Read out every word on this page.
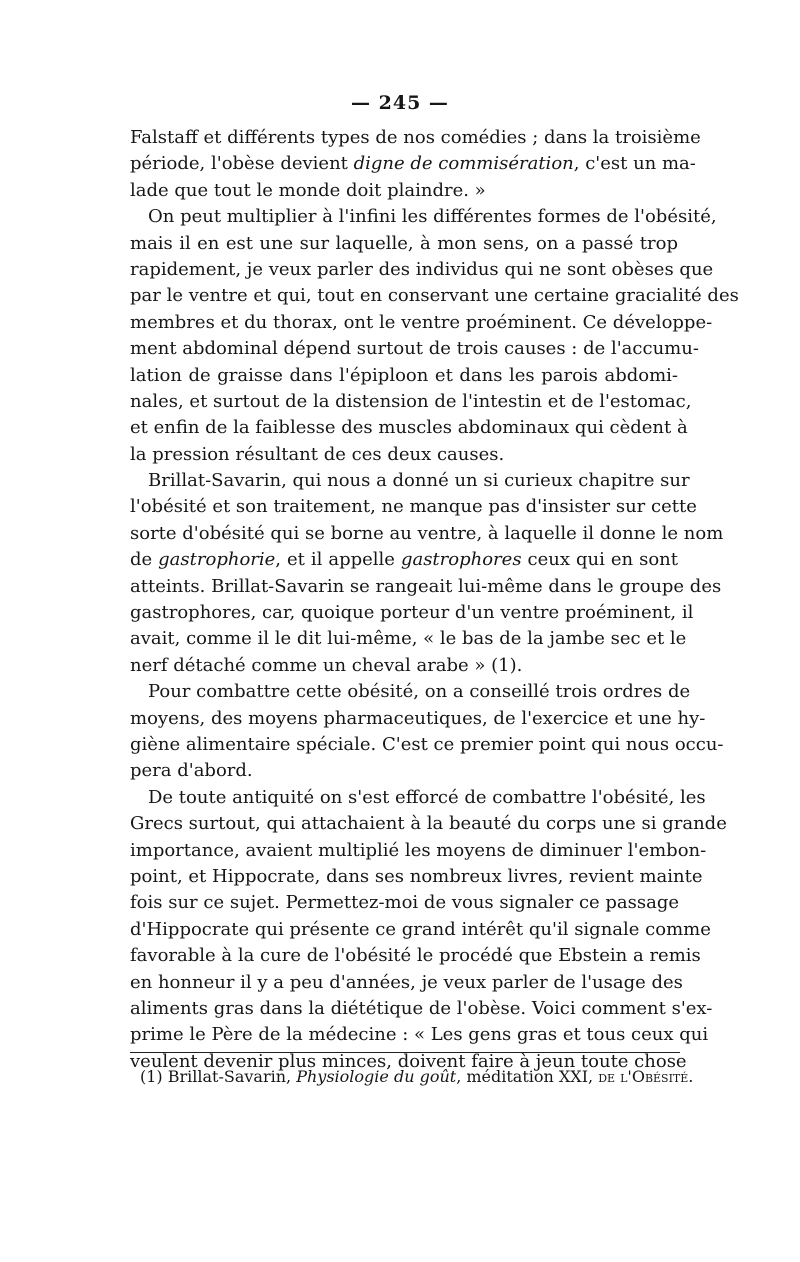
— 245 —
Falstaff et différents types de nos comédies ; dans la troisième
période, l'obèse devient digne de commisération, c'est un ma-
lade que tout le monde doit plaindre. »
On peut multiplier à l'infini les différentes formes de l'obésité,
mais il en est une sur laquelle, à mon sens, on a passé trop
rapidement, je veux parler des individus qui ne sont obèses que
par le ventre et qui, tout en conservant une certaine gracialité des
membres et du thorax, ont le ventre proéminent. Ce développe-
ment abdominal dépend surtout de trois causes : de l'accumu-
lation de graisse dans l'épiploon et dans les parois abdomi-
nales, et surtout de la distension de l'intestin et de l'estomac,
et enfin de la faiblesse des muscles abdominaux qui cèdent à
la pression résultant de ces deux causes.
Brillat-Savarin, qui nous a donné un si curieux chapitre sur
l'obésité et son traitement, ne manque pas d'insister sur cette
sorte d'obésité qui se borne au ventre, à laquelle il donne le nom
de gastrophorie, et il appelle gastrophores ceux qui en sont
atteints. Brillat-Savarin se rangeait lui-même dans le groupe des
gastrophores, car, quoique porteur d'un ventre proéminent, il
avait, comme il le dit lui-même, « le bas de la jambe sec et le
nerf détaché comme un cheval arabe » (1).
Pour combattre cette obésité, on a conseillé trois ordres de
moyens, des moyens pharmaceutiques, de l'exercice et une hy-
giène alimentaire spéciale. C'est ce premier point qui nous occu-
pera d'abord.
De toute antiquité on s'est efforcé de combattre l'obésité, les
Grecs surtout, qui attachaient à la beauté du corps une si grande
importance, avaient multiplié les moyens de diminuer l'embon-
point, et Hippocrate, dans ses nombreux livres, revient mainte
fois sur ce sujet. Permettez-moi de vous signaler ce passage
d'Hippocrate qui présente ce grand intérêt qu'il signale comme
favorable à la cure de l'obésité le procédé que Ebstein a remis
en honneur il y a peu d'années, je veux parler de l'usage des
aliments gras dans la diététique de l'obèse. Voici comment s'ex-
prime le Père de la médecine : « Les gens gras et tous ceux qui
veulent devenir plus minces, doivent faire à jeun toute chose
(1) Brillat-Savarin, Physiologie du goût, méditation XXI, de l'Obésité.
